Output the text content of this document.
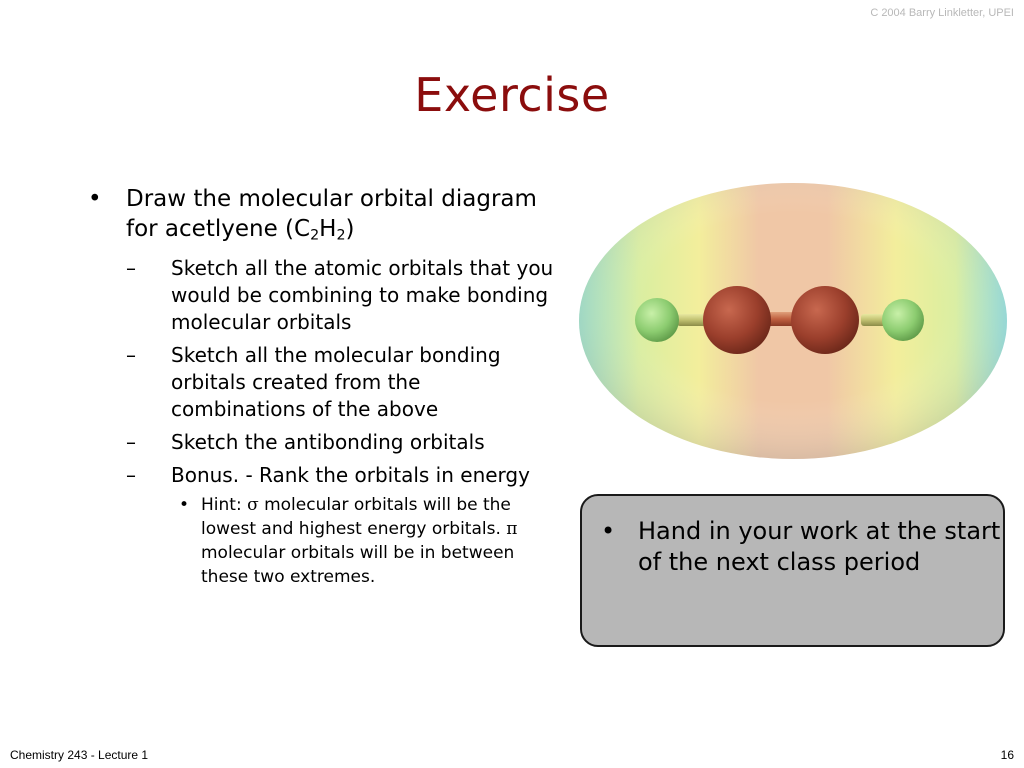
C 2004 Barry Linkletter, UPEI
Exercise
• Draw the molecular orbital diagram for acetlyene $(C_2H_2)$
– Sketch all the atomic orbitals that you would be combining to make bonding molecular orbitals
– Sketch all the molecular bonding orbitals created from the combinations of the above
– Sketch the antibonding orbitals
– Bonus. - Rank the orbitals in energy
• Hint: σ molecular orbitals will be the lowest and highest energy orbitals. π molecular orbitals will be in between these two extremes.
• Hand in your work at the start of the next class period
Chemistry 243 - Lecture 1	16
